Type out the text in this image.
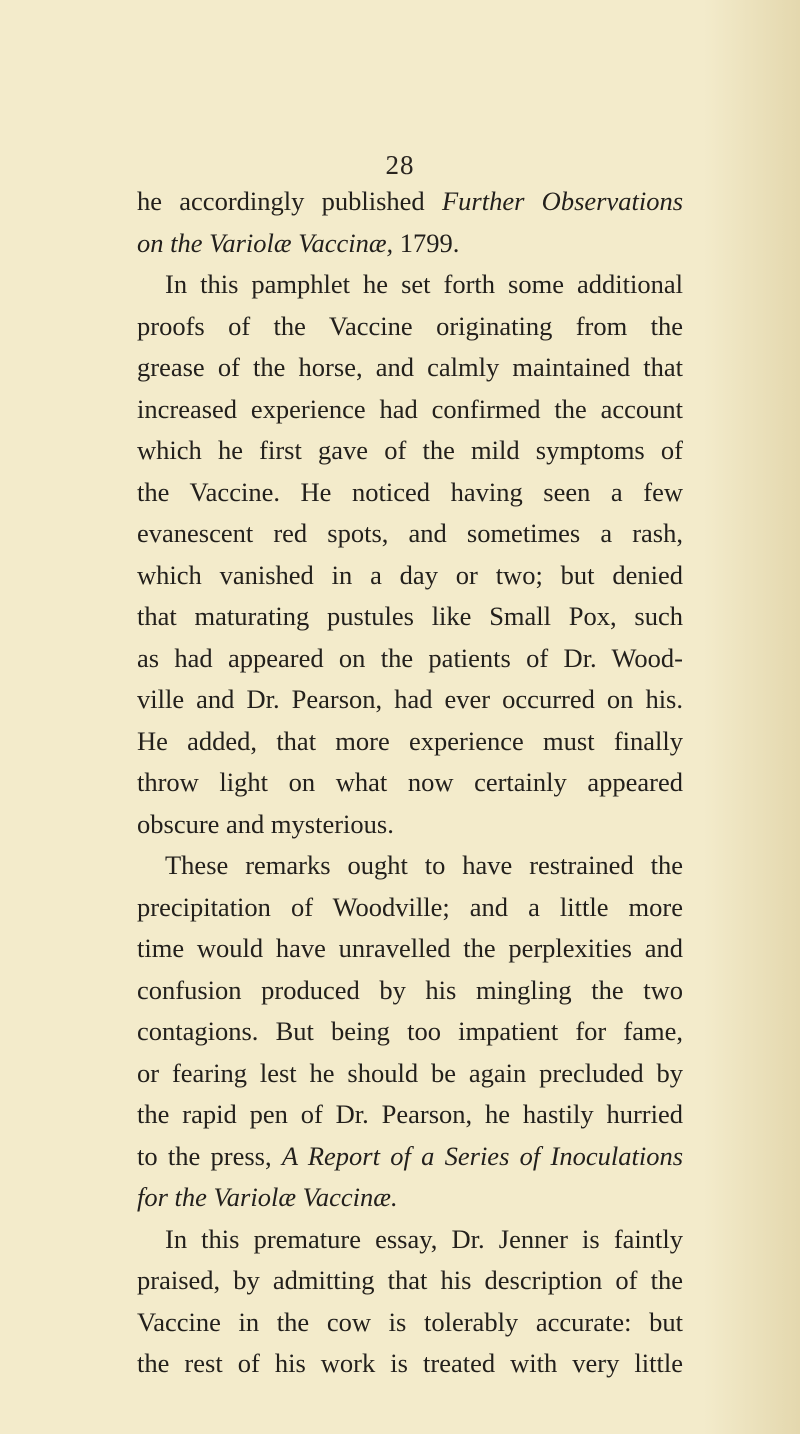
28
he accordingly published Further Observations
on the Variolæ Vaccinæ, 1799.
In this pamphlet he set forth some additional
proofs of the Vaccine originating from the
grease of the horse, and calmly maintained that
increased experience had confirmed the account
which he first gave of the mild symptoms of
the Vaccine. He noticed having seen a few
evanescent red spots, and sometimes a rash,
which vanished in a day or two; but denied
that maturating pustules like Small Pox, such
as had appeared on the patients of Dr. Wood-
ville and Dr. Pearson, had ever occurred on his.
He added, that more experience must finally
throw light on what now certainly appeared
obscure and mysterious.
These remarks ought to have restrained the
precipitation of Woodville; and a little more
time would have unravelled the perplexities and
confusion produced by his mingling the two
contagions. But being too impatient for fame,
or fearing lest he should be again precluded by
the rapid pen of Dr. Pearson, he hastily hurried
to the press, A Report of a Series of Inoculations
for the Variolæ Vaccinæ.
In this premature essay, Dr. Jenner is faintly
praised, by admitting that his description of the
Vaccine in the cow is tolerably accurate: but
the rest of his work is treated with very little
